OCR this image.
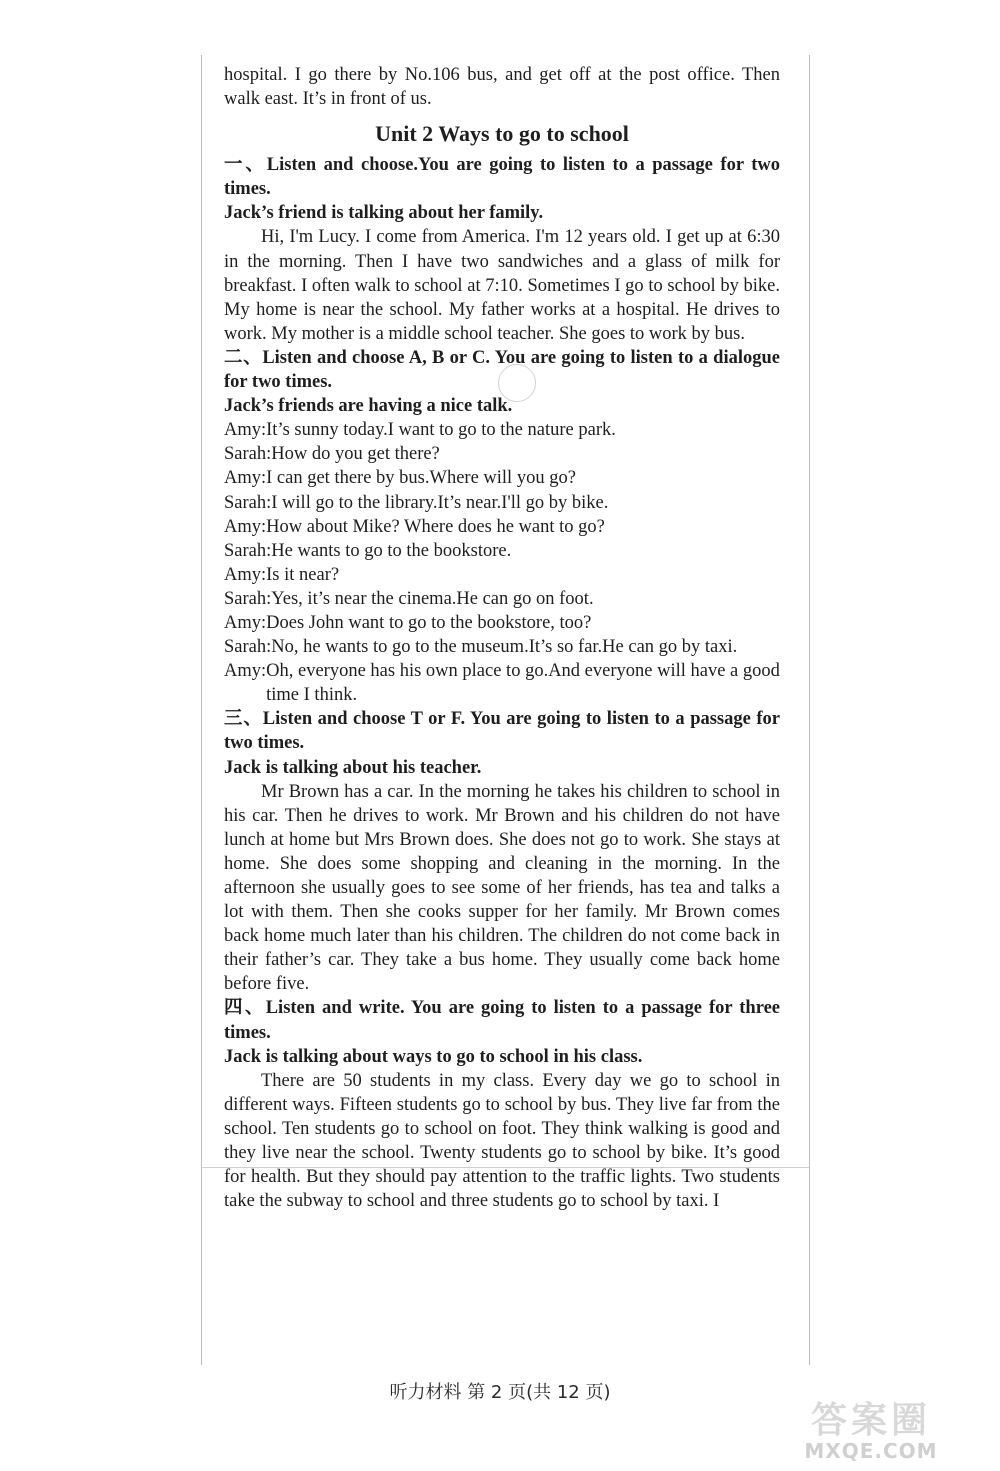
hospital. I go there by No.106 bus, and get off at the post office. Then walk east. It’s in front of us.

Unit 2 Ways to go to school

一、Listen and choose.You are going to listen to a passage for two times.

Jack’s friend is talking about her family.

Hi, I'm Lucy. I come from America. I'm 12 years old. I get up at 6:30 in the morning. Then I have two sandwiches and a glass of milk for breakfast. I often walk to school at 7:10. Sometimes I go to school by bike. My home is near the school. My father works at a hospital. He drives to work. My mother is a middle school teacher. She goes to work by bus.

二、Listen and choose A, B or C. You are going to listen to a dialogue for two times.

Jack’s friends are having a nice talk.

Amy: It’s sunny today.I want to go to the nature park.
Sarah: How do you get there?
Amy: I can get there by bus.Where will you go?
Sarah: I will go to the library.It’s near.I'll go by bike.
Amy: How about Mike? Where does he want to go?
Sarah: He wants to go to the bookstore.
Amy: Is it near?
Sarah: Yes, it’s near the cinema.He can go on foot.
Amy: Does John want to go to the bookstore, too?
Sarah: No, he wants to go to the museum.It’s so far.He can go by taxi.
Amy: Oh, everyone has his own place to go.And everyone will have a good time I think.

三、Listen and choose T or F. You are going to listen to a passage for two times.

Jack is talking about his teacher.

Mr Brown has a car. In the morning he takes his children to school in his car. Then he drives to work. Mr Brown and his children do not have lunch at home but Mrs Brown does. She does not go to work. She stays at home. She does some shopping and cleaning in the morning. In the afternoon she usually goes to see some of her friends, has tea and talks a lot with them. Then she cooks supper for her family. Mr Brown comes back home much later than his children. The children do not come back in their father’s car. They take a bus home. They usually come back home before five.

四、Listen and write. You are going to listen to a passage for three times.

Jack is talking about ways to go to school in his class.

There are 50 students in my class. Every day we go to school in different ways. Fifteen students go to school by bus. They live far from the school. Ten students go to school on foot. They think walking is good and they live near the school. Twenty students go to school by bike. It’s good for health. But they should pay attention to the traffic lights. Two students take the subway to school and three students go to school by taxi. I

听力材料 第 2 页(共 12 页)
答案圈
MXQE.COM
